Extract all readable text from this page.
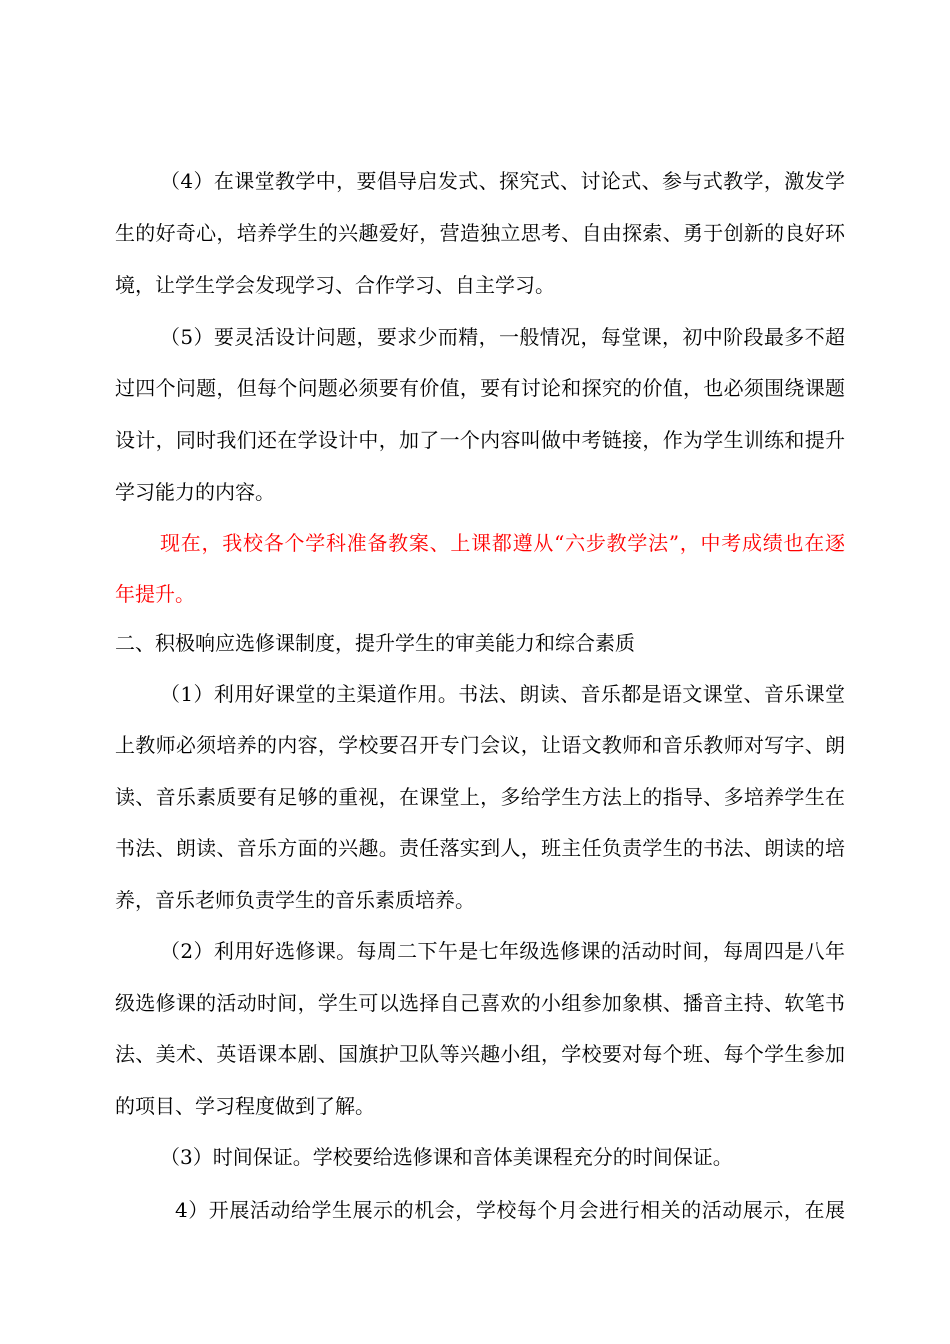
（4）在课堂教学中，要倡导启发式、探究式、讨论式、参与式教学，激发学
生的好奇心，培养学生的兴趣爱好，营造独立思考、自由探索、勇于创新的良好环
境，让学生学会发现学习、合作学习、自主学习。
（5）要灵活设计问题，要求少而精，一般情况，每堂课，初中阶段最多不超
过四个问题，但每个问题必须要有价值，要有讨论和探究的价值，也必须围绕课题
设计，同时我们还在学设计中，加了一个内容叫做中考链接，作为学生训练和提升
学习能力的内容。
现在，我校各个学科准备教案、上课都遵从“六步教学法”，中考成绩也在逐
年提升。
二、积极响应选修课制度，提升学生的审美能力和综合素质
（1）利用好课堂的主渠道作用。书法、朗读、音乐都是语文课堂、音乐课堂
上教师必须培养的内容，学校要召开专门会议，让语文教师和音乐教师对写字、朗
读、音乐素质要有足够的重视，在课堂上，多给学生方法上的指导、多培养学生在
书法、朗读、音乐方面的兴趣。责任落实到人，班主任负责学生的书法、朗读的培
养，音乐老师负责学生的音乐素质培养。
（2）利用好选修课。每周二下午是七年级选修课的活动时间，每周四是八年
级选修课的活动时间，学生可以选择自己喜欢的小组参加象棋、播音主持、软笔书
法、美术、英语课本剧、国旗护卫队等兴趣小组，学校要对每个班、每个学生参加
的项目、学习程度做到了解。
（3）时间保证。学校要给选修课和音体美课程充分的时间保证。
4）开展活动给学生展示的机会，学校每个月会进行相关的活动展示，在展
